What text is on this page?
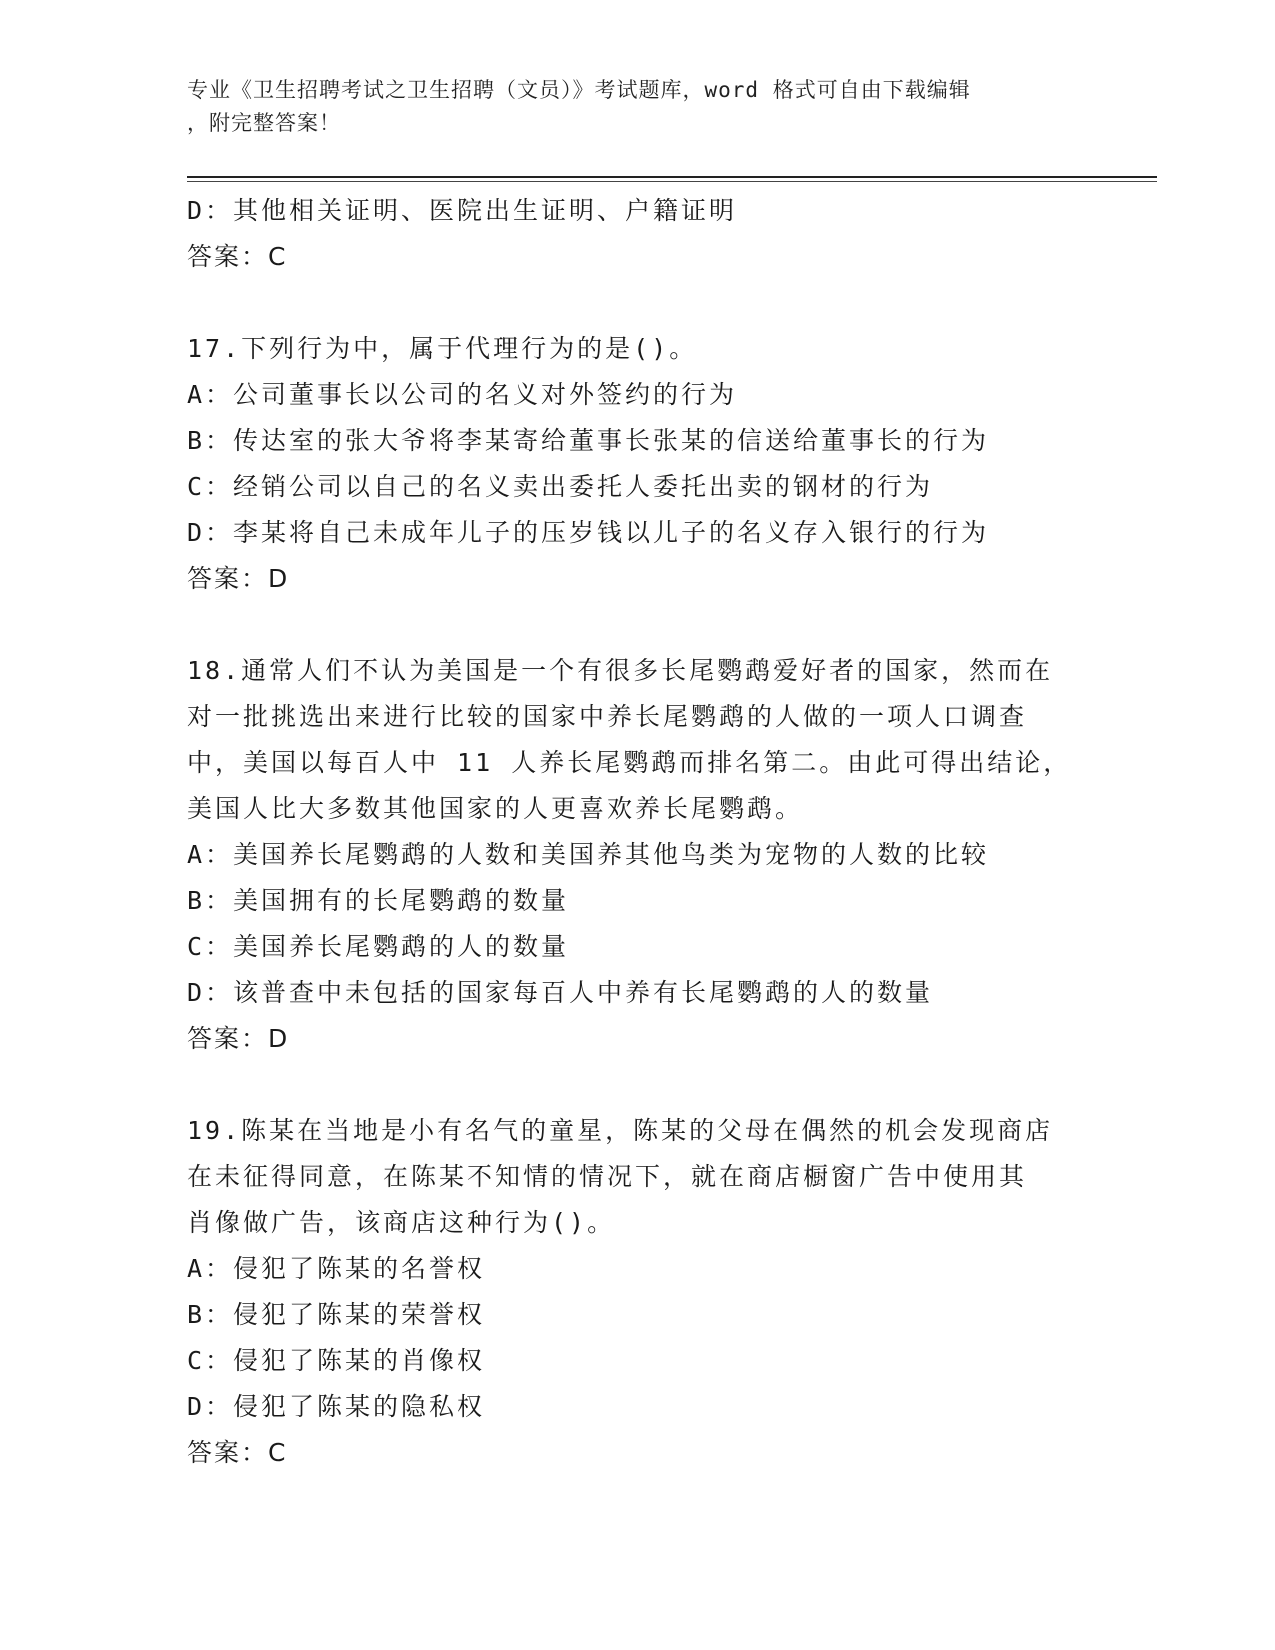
专业《卫生招聘考试之卫生招聘（文员）》考试题库，word 格式可自由下载编辑
，附完整答案！
D：其他相关证明、医院出生证明、户籍证明
答案：C
17.下列行为中，属于代理行为的是()。
A：公司董事长以公司的名义对外签约的行为
B：传达室的张大爷将李某寄给董事长张某的信送给董事长的行为
C：经销公司以自己的名义卖出委托人委托出卖的钢材的行为
D：李某将自己未成年儿子的压岁钱以儿子的名义存入银行的行为
答案：D
18.通常人们不认为美国是一个有很多长尾鹦鹉爱好者的国家，然而在
对一批挑选出来进行比较的国家中养长尾鹦鹉的人做的一项人口调查
中，美国以每百人中 11 人养长尾鹦鹉而排名第二。由此可得出结论，
美国人比大多数其他国家的人更喜欢养长尾鹦鹉。
A：美国养长尾鹦鹉的人数和美国养其他鸟类为宠物的人数的比较
B：美国拥有的长尾鹦鹉的数量
C：美国养长尾鹦鹉的人的数量
D：该普查中未包括的国家每百人中养有长尾鹦鹉的人的数量
答案：D
19.陈某在当地是小有名气的童星，陈某的父母在偶然的机会发现商店
在未征得同意，在陈某不知情的情况下，就在商店橱窗广告中使用其
肖像做广告，该商店这种行为()。
A：侵犯了陈某的名誉权
B：侵犯了陈某的荣誉权
C：侵犯了陈某的肖像权
D：侵犯了陈某的隐私权
答案：C
